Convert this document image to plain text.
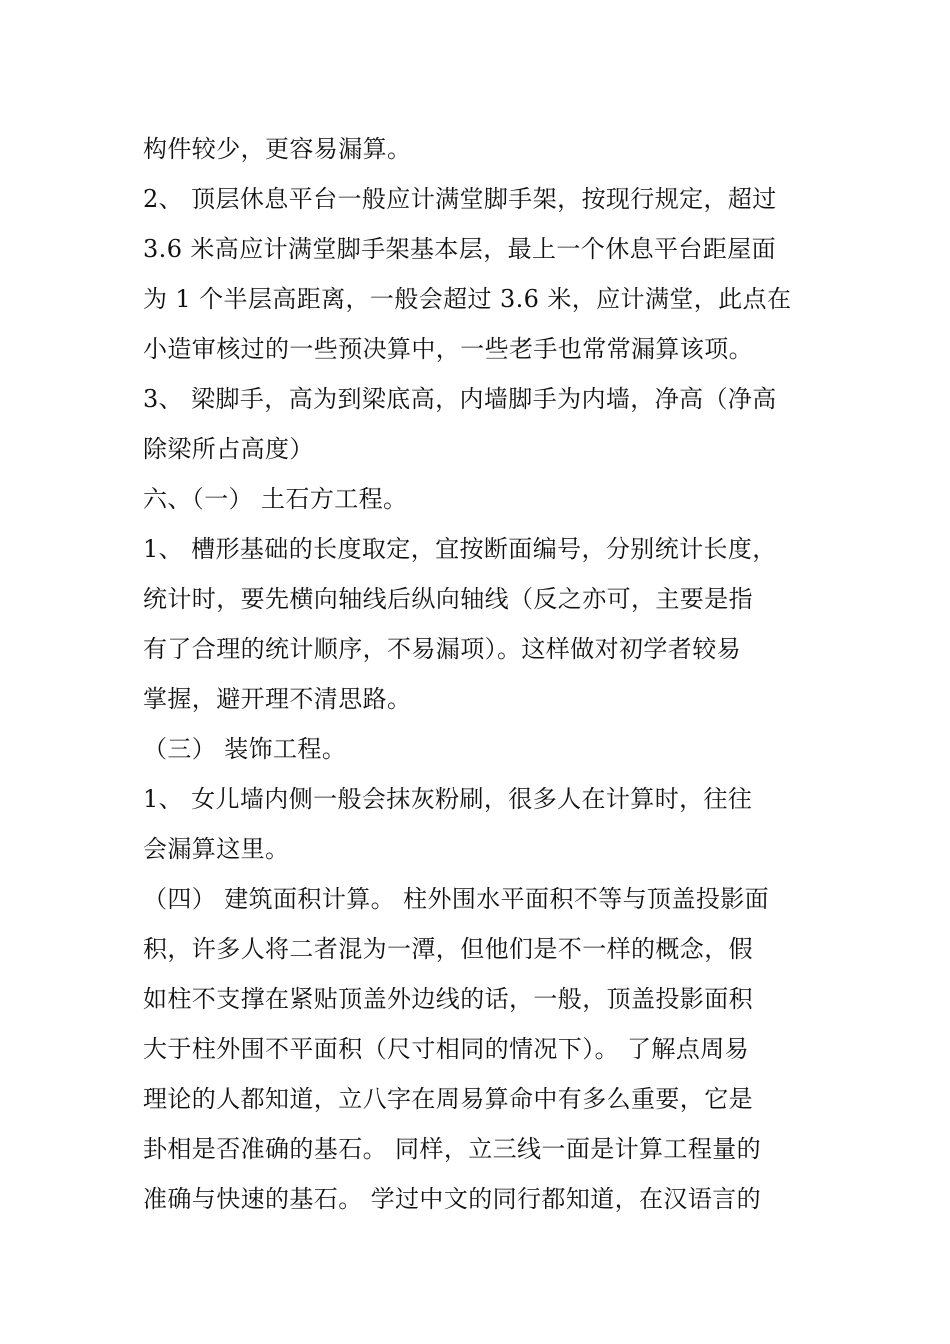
构件较少，更容易漏算。
2、 顶层休息平台一般应计满堂脚手架，按现行规定，超过
3.6 米高应计满堂脚手架基本层，最上一个休息平台距屋面
为 1 个半层高距离，一般会超过 3.6 米，应计满堂，此点在
小造审核过的一些预决算中，一些老手也常常漏算该项。
3、 梁脚手，高为到梁底高，内墙脚手为内墙，净高（净高
除梁所占高度）
六、（一） 土石方工程。
1、 槽形基础的长度取定，宜按断面编号，分别统计长度，
统计时，要先横向轴线后纵向轴线（反之亦可，主要是指
有了合理的统计顺序，不易漏项）。这样做对初学者较易
掌握，避开理不清思路。
（三） 装饰工程。
1、 女儿墙内侧一般会抹灰粉刷，很多人在计算时，往往
会漏算这里。
（四） 建筑面积计算。 柱外围水平面积不等与顶盖投影面
积，许多人将二者混为一潭，但他们是不一样的概念，假
如柱不支撑在紧贴顶盖外边线的话，一般，顶盖投影面积
大于柱外围不平面积（尺寸相同的情况下）。 了解点周易
理论的人都知道，立八字在周易算命中有多么重要，它是
卦相是否准确的基石。 同样，立三线一面是计算工程量的
准确与快速的基石。 学过中文的同行都知道，在汉语言的
